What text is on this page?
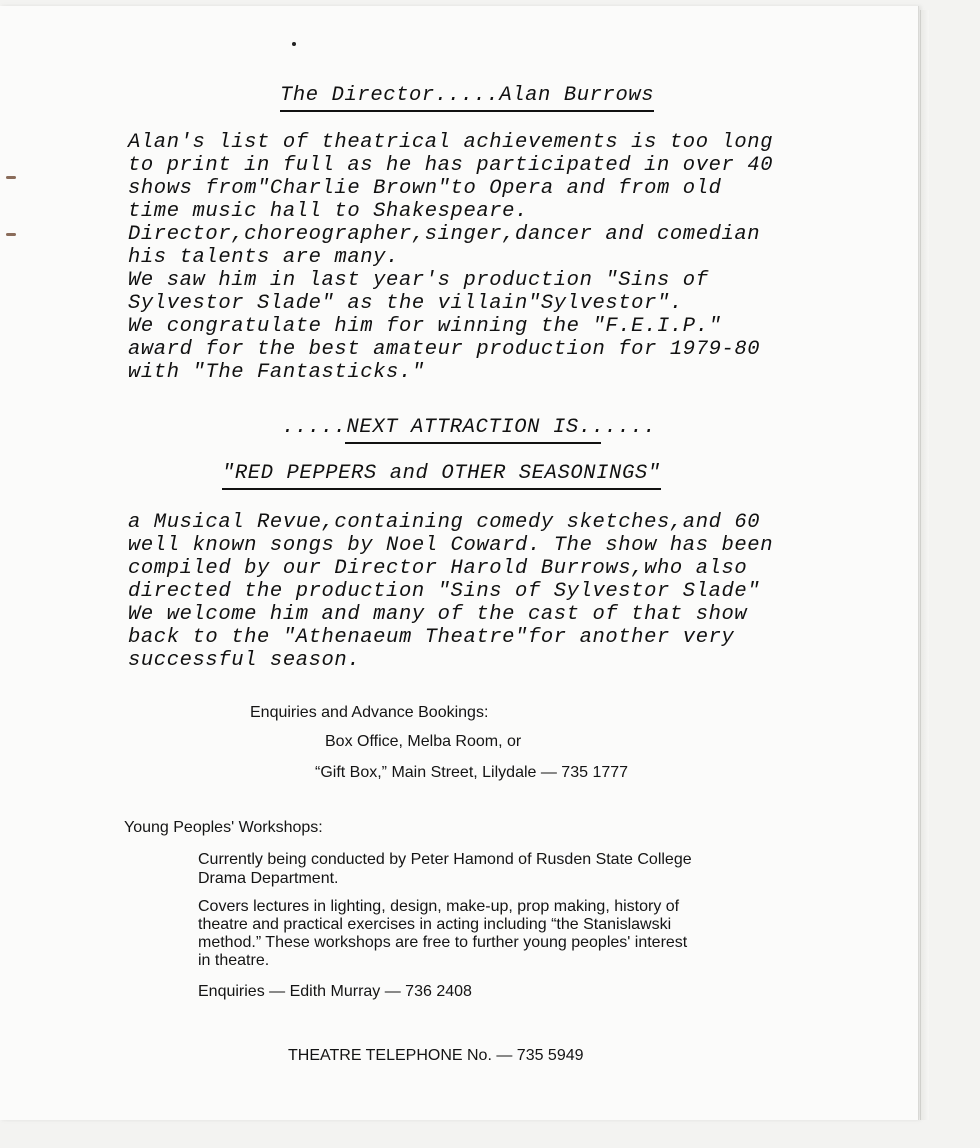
The Director.....Alan Burrows
Alan's list of theatrical achievements is too long
to print in full as he has participated in over 40
shows from"Charlie Brown"to Opera and from old
time music hall to Shakespeare.
Director,choreographer,singer,dancer and comedian
his talents are many.
We saw him in last year's production "Sins of
Sylvestor Slade" as the villain"Sylvestor".
We congratulate him for winning the "F.E.I.P."
award for the best amateur production for 1979-80
with "The Fantasticks."
.....NEXT ATTRACTION IS......
"RED PEPPERS and OTHER SEASONINGS"
a Musical Revue,containing comedy sketches,and 60
well known songs by Noel Coward. The show has been
compiled by our Director Harold Burrows,who also
directed the production "Sins of Sylvestor Slade"
We welcome him and many of the cast of that show
back to the "Athenaeum Theatre"for another very
successful season.
Enquiries and Advance Bookings:
Box Office, Melba Room, or
“Gift Box,” Main Street, Lilydale — 735 1777
Young Peoples' Workshops:
Currently being conducted by Peter Hamond of Rusden State College
Drama Department.
Covers lectures in lighting, design, make-up, prop making, history of
theatre and practical exercises in acting including “the Stanislawski
method.” These workshops are free to further young peoples' interest
in theatre.
Enquiries — Edith Murray — 736 2408
THEATRE TELEPHONE No. — 735 5949
